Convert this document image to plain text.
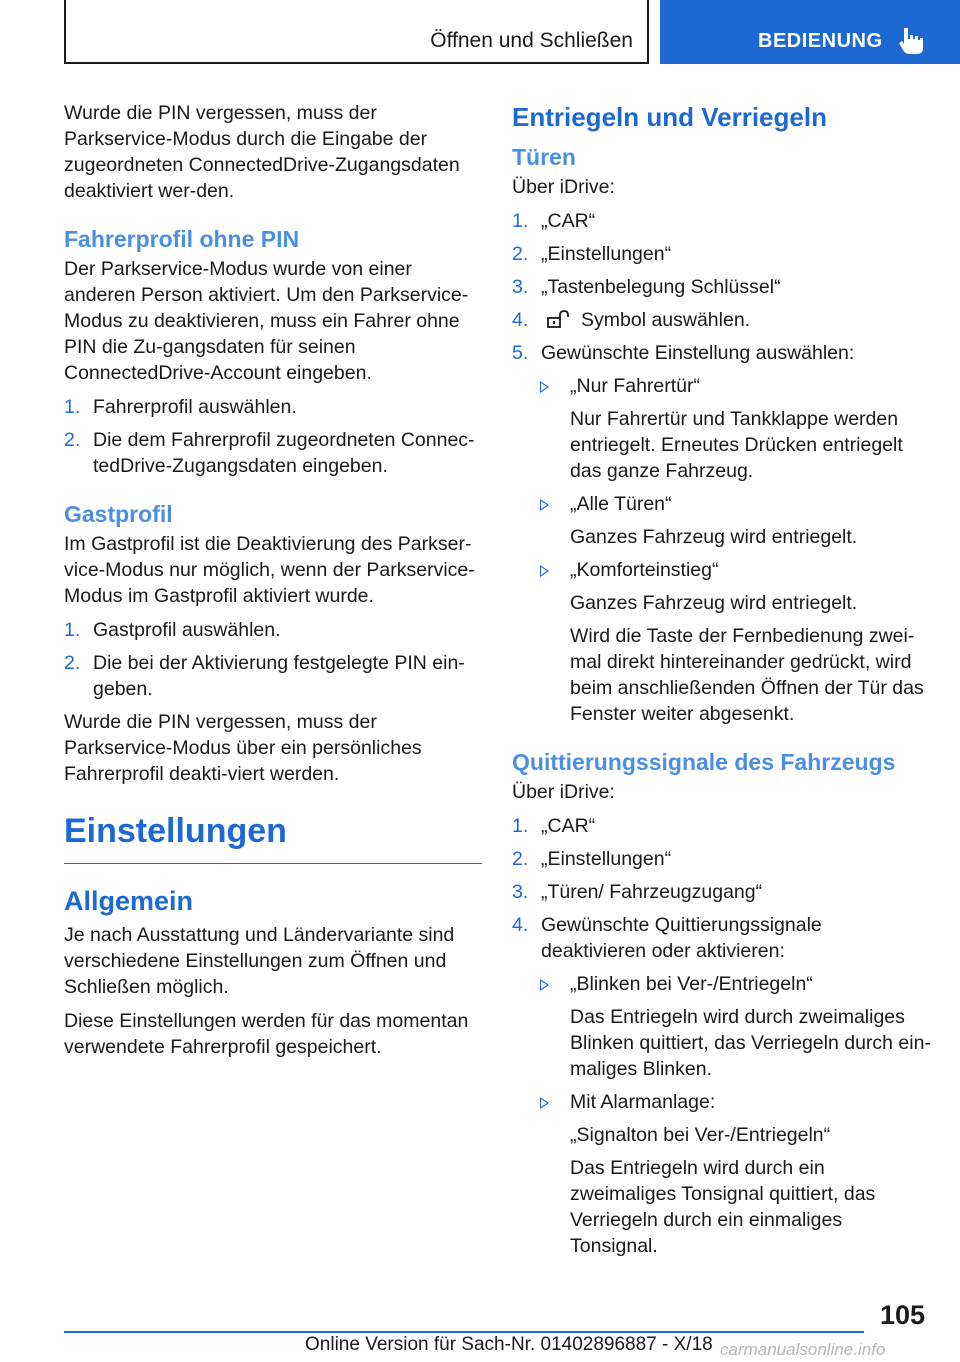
Öffnen und Schließen	BEDIENUNG

Wurde die PIN vergessen, muss der Parkservice-Modus durch die Eingabe der zugeordneten ConnectedDrive-Zugangsdaten deaktiviert wer-den.

Fahrerprofil ohne PIN

Der Parkservice-Modus wurde von einer anderen Person aktiviert. Um den Parkservice-Modus zu deaktivieren, muss ein Fahrer ohne PIN die Zu-gangsdaten für seinen ConnectedDrive-Account eingeben.

1. Fahrerprofil auswählen.
2. Die dem Fahrerprofil zugeordneten Connec-tedDrive-Zugangsdaten eingeben.
Gastprofil

Im Gastprofil ist die Deaktivierung des Parkser-vice-Modus nur möglich, wenn der Parkservice-Modus im Gastprofil aktiviert wurde.

1. Gastprofil auswählen.
2. Die bei der Aktivierung festgelegte PIN ein-geben.

Wurde die PIN vergessen, muss der Parkservice-Modus über ein persönliches Fahrerprofil deakti-viert werden.

Einstellungen
Allgemein

Je nach Ausstattung und Ländervariante sind verschiedene Einstellungen zum Öffnen und Schließen möglich.

Diese Einstellungen werden für das momentan verwendete Fahrerprofil gespeichert.

Entriegeln und Verriegeln
Türen

Über iDrive:

1. „CAR“
2. „Einstellungen“
3. „Tastenbelegung Schlüssel“
4.	Symbol auswählen.
5. Gewünschte Einstellung auswählen:
„Nur Fahrertür“
Nur Fahrertür und Tankklappe werden entriegelt. Erneutes Drücken entriegelt das ganze Fahrzeug.
„Alle Türen“
Ganzes Fahrzeug wird entriegelt.
„Komforteinstieg“
Ganzes Fahrzeug wird entriegelt.
Wird die Taste der Fernbedienung zwei-mal direkt hintereinander gedrückt, wird beim anschließenden Öffnen der Tür das Fenster weiter abgesenkt.
Quittierungssignale des Fahrzeugs

Über iDrive:

1. „CAR“
2. „Einstellungen“
3. „Türen/ Fahrzeugzugang“
4. Gewünschte Quittierungssignale deaktivieren oder aktivieren:
„Blinken bei Ver-/Entriegeln“
Das Entriegeln wird durch zweimaliges Blinken quittiert, das Verriegeln durch ein-maliges Blinken.
Mit Alarmanlage:
„Signalton bei Ver-/Entriegeln“
Das Entriegeln wird durch ein zweimaliges Tonsignal quittiert, das Verriegeln durch ein einmaliges Tonsignal.
105
Online Version für Sach-Nr. 01402896887 - X/18 carmanualsonline.info
